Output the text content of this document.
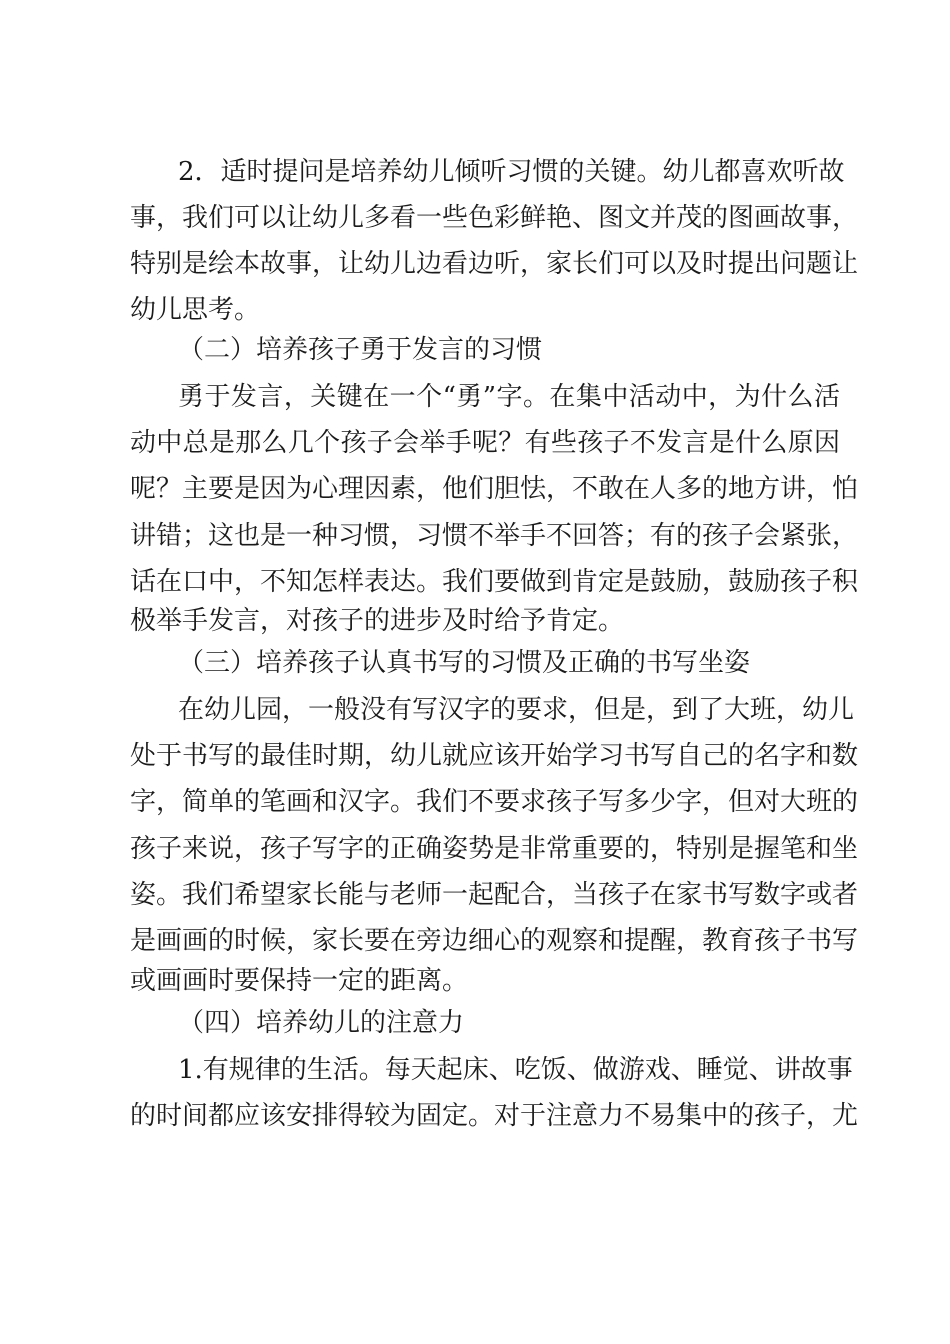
2．适时提问是培养幼儿倾听习惯的关键。幼儿都喜欢听故
事，我们可以让幼儿多看一些色彩鲜艳、图文并茂的图画故事，
特别是绘本故事，让幼儿边看边听，家长们可以及时提出问题让
幼儿思考。
（二）培养孩子勇于发言的习惯
勇于发言，关键在一个“勇”字。在集中活动中，为什么活
动中总是那么几个孩子会举手呢？有些孩子不发言是什么原因
呢？主要是因为心理因素，他们胆怯，不敢在人多的地方讲，怕
讲错；这也是一种习惯，习惯不举手不回答；有的孩子会紧张，
话在口中，不知怎样表达。我们要做到肯定是鼓励，鼓励孩子积
极举手发言，对孩子的进步及时给予肯定。
（三）培养孩子认真书写的习惯及正确的书写坐姿
在幼儿园，一般没有写汉字的要求，但是，到了大班，幼儿
处于书写的最佳时期，幼儿就应该开始学习书写自己的名字和数
字，简单的笔画和汉字。我们不要求孩子写多少字，但对大班的
孩子来说，孩子写字的正确姿势是非常重要的，特别是握笔和坐
姿。我们希望家长能与老师一起配合，当孩子在家书写数字或者
是画画的时候，家长要在旁边细心的观察和提醒，教育孩子书写
或画画时要保持一定的距离。
（四）培养幼儿的注意力
1.有规律的生活。每天起床、吃饭、做游戏、睡觉、讲故事
的时间都应该安排得较为固定。对于注意力不易集中的孩子，尤
